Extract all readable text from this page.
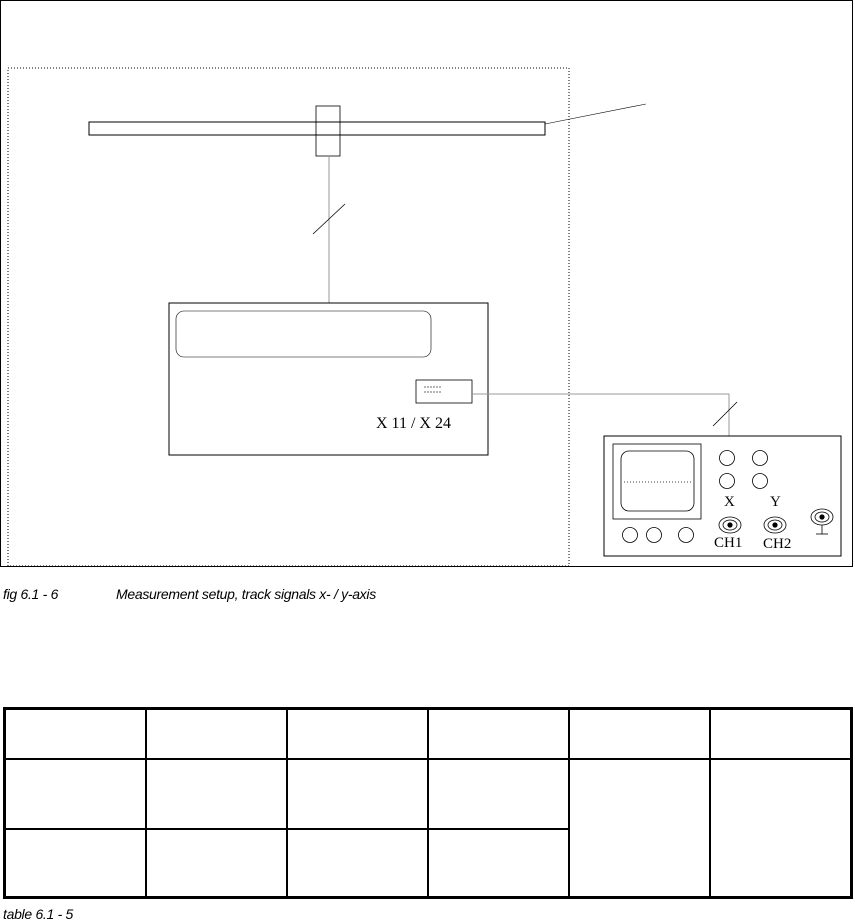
X 11 / X 24
X Y
CH1 CH2
fig 6.1 - 6	Measurement setup, track signals x- / y-axis

table 6.1 - 5
